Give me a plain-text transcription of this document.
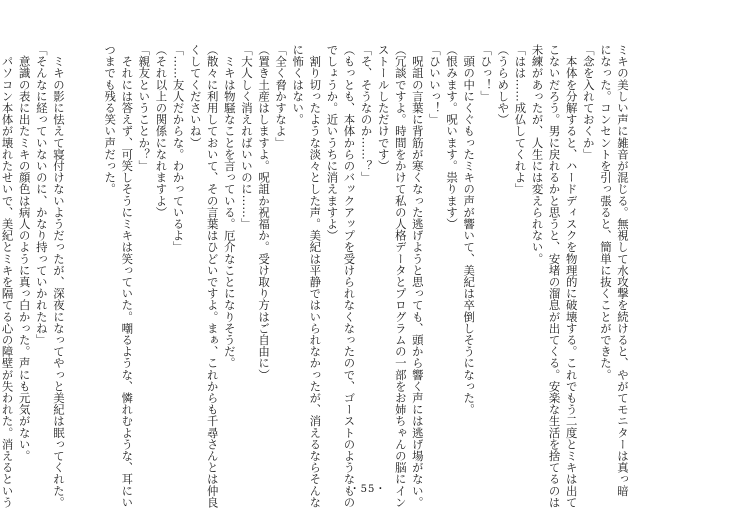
ミキの美しい声に雑音が混じる。無視して水攻撃を続けると、やがてモニターは真っ暗
になった。コンセントを引っ張ると、簡単に抜くことができた。
「念を入れておくか」
　本体を分解すると、ハードディスクを物理的に破壊する。これでもう二度とミキは出て
こないだろう。男に戻れるかと思うと、安堵の溜息が出てくる。安楽な生活を捨てるのは
未練があったが、人生には変えられない。
「はは……成仏してくれよ」
（うらめしや）
「ひっ！」
　頭の中にくぐもったミキの声が響いて、美紀は卒倒しそうになった。
（恨みます。呪います。祟ります）
「ひいいっ！」
　呪詛の言葉に背筋が寒くなった逃げようと思っても、頭から響く声には逃げ場がない。
（冗談ですよ。時間をかけて私の人格データとプログラムの一部をお姉ちゃんの脳にイン
ストールしただけです）
「そ、そうなのか……？」
（もっとも、本体からのバックアップを受けられなくなったので、ゴーストのようなもの
でしょうか。近いうちに消えますよ）
　割り切ったような淡々とした声。美紀は平静ではいられなかったが、消えるならそんな
に怖くはない。
「全く脅かすなよ」
（置き土産はしますよ。呪詛か祝福か。受け取り方はご自由に）
「大人しく消えればいいのに……」
　ミキは物騒なことを言っている。厄介なことになりそうだ。
（散々に利用しておいて、その言葉はひどいですよ。まぁ、これからも千尋さんとは仲良
くしてくださいね）
「……友人だからな。わかっているよ」
（それ以上の関係になれますよ）
「親友ということか？」
　それには答えず、可笑しそうにミキは笑っていた。嘲るような、憐れむような、耳にい
つまでも残る笑い声だった。

　ミキの影に怯えて寝付けないようだったが、深夜になってやっと美紀は眠ってくれた。
「そんなに経っていないのに、かなり持っていかれたね」
　意識の表に出たミキの顔色は病人のように真っ白かった。声にも元気がない。
　パソコン本体が壊れたせいで、美紀とミキを隔てる心の障壁が失われた。消えるという	・55・
